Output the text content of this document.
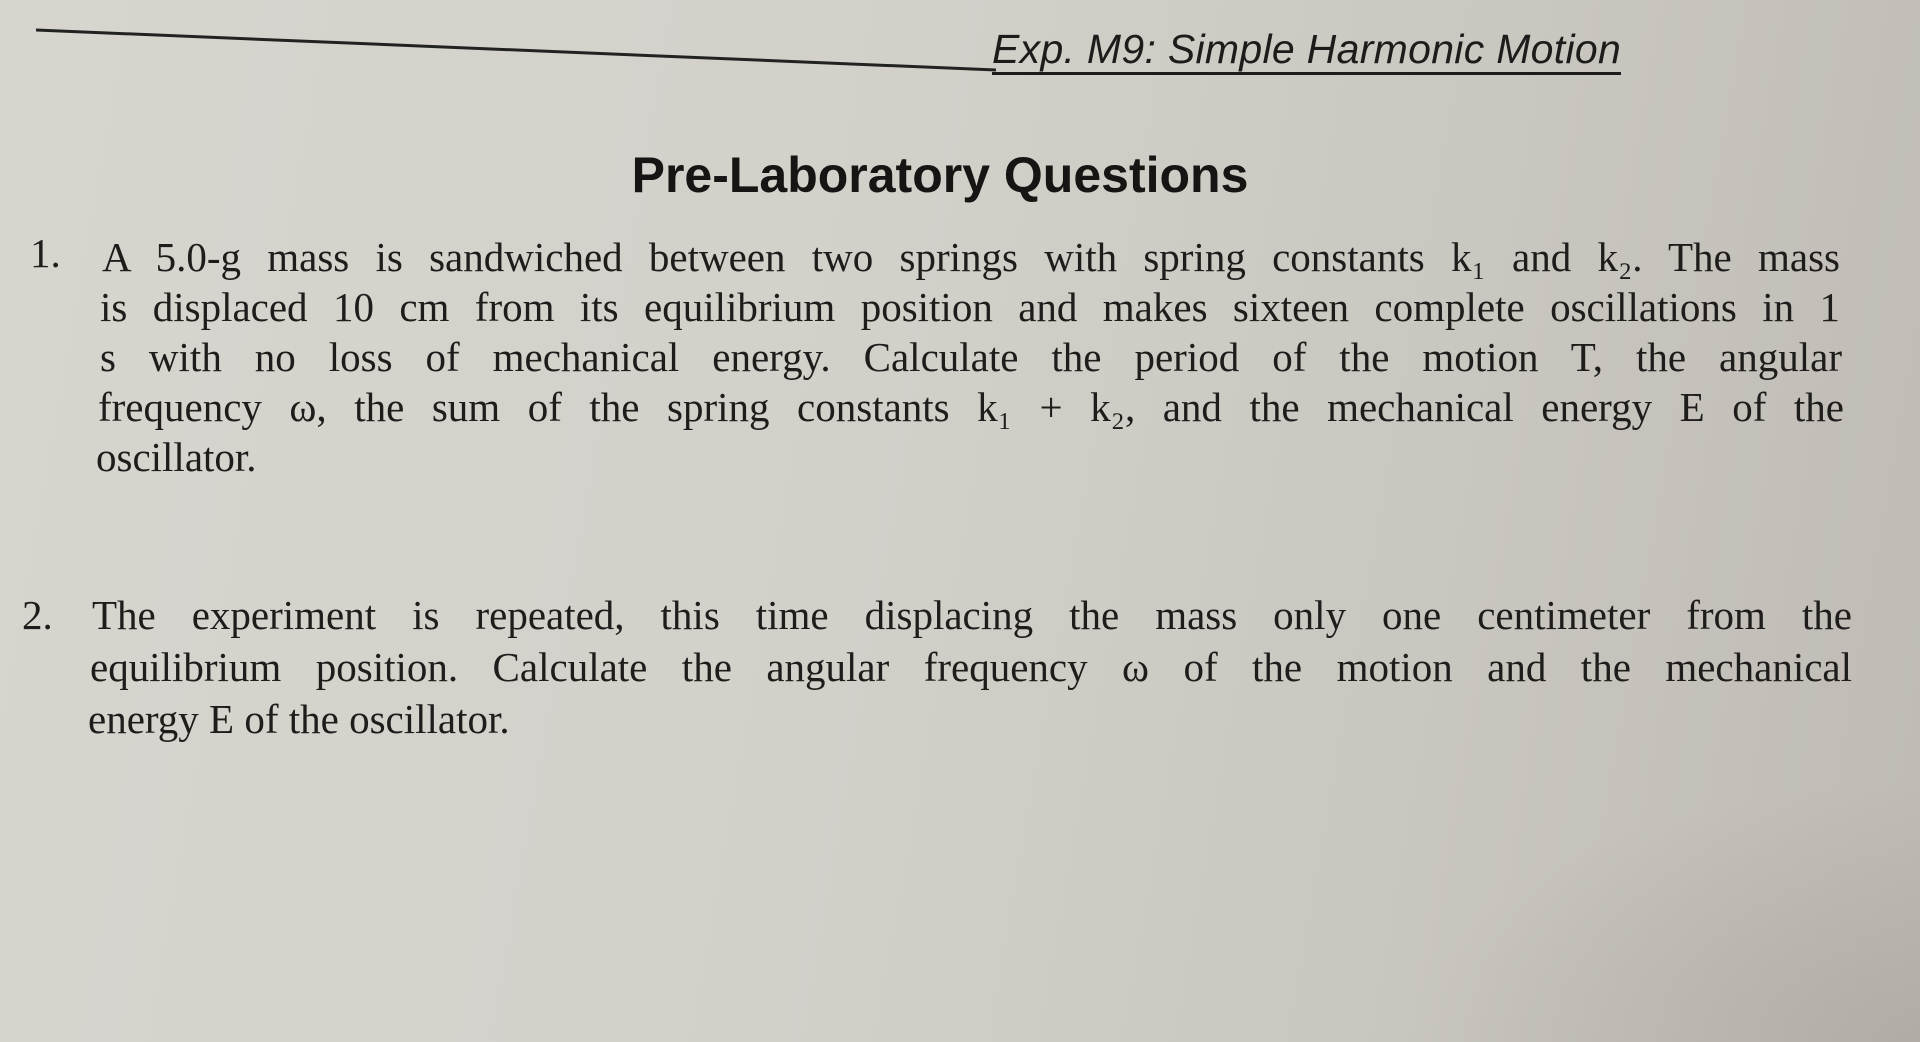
Exp. M9: Simple Harmonic Motion
Pre-Laboratory Questions
1. A 5.0-g mass is sandwiched between two springs with spring constants k₁ and k₂. The mass
is displaced 10 cm from its equilibrium position and makes sixteen complete oscillations in 1
s with no loss of mechanical energy. Calculate the period of the motion T, the angular
frequency ω, the sum of the spring constants k₁ + k₂, and the mechanical energy E of the
oscillator.
2. The experiment is repeated, this time displacing the mass only one centimeter from the
equilibrium position. Calculate the angular frequency ω of the motion and the mechanical
energy E of the oscillator.
